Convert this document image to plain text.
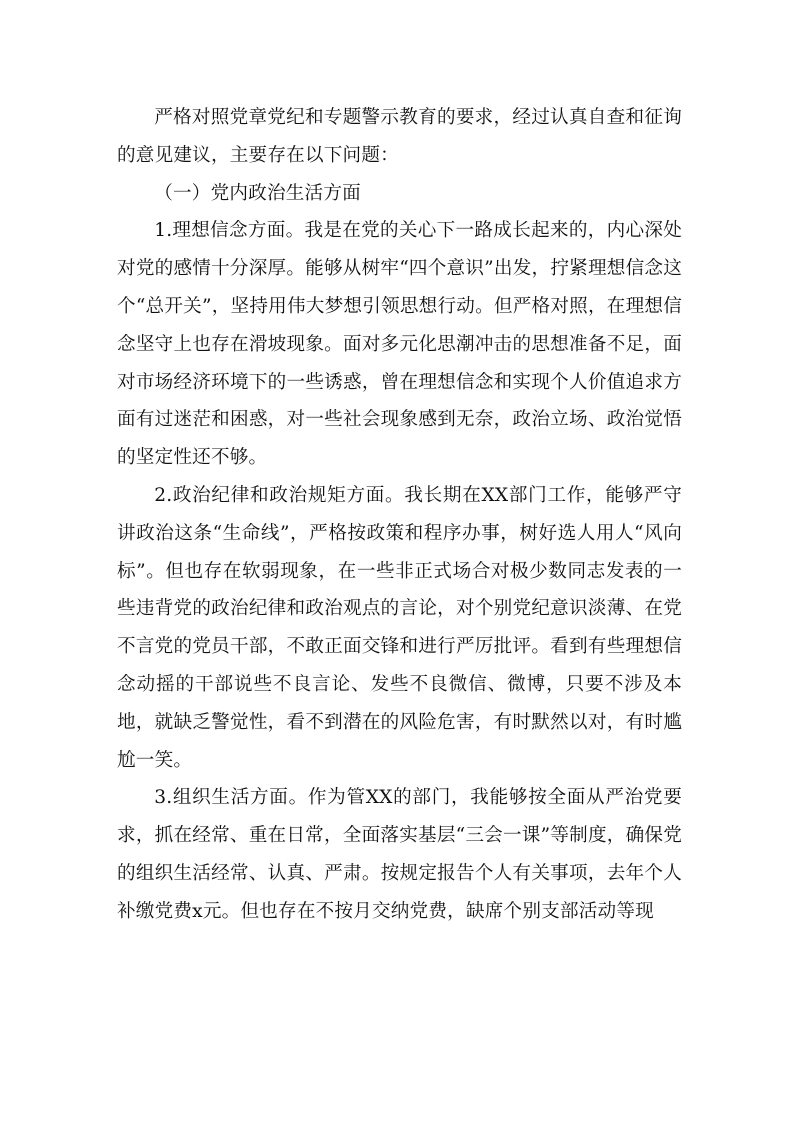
严格对照党章党纪和专题警示教育的要求，经过认真自查和征询的意见建议，主要存在以下问题：

（一）党内政治生活方面

1.理想信念方面。我是在党的关心下一路成长起来的，内心深处对党的感情十分深厚。能够从树牢“四个意识”出发，拧紧理想信念这个“总开关”，坚持用伟大梦想引领思想行动。但严格对照，在理想信念坚守上也存在滑坡现象。面对多元化思潮冲击的思想准备不足，面对市场经济环境下的一些诱惑，曾在理想信念和实现个人价值追求方面有过迷茫和困惑，对一些社会现象感到无奈，政治立场、政治觉悟的坚定性还不够。

2.政治纪律和政治规矩方面。我长期在XX部门工作，能够严守讲政治这条“生命线”，严格按政策和程序办事，树好选人用人“风向标”。但也存在软弱现象，在一些非正式场合对极少数同志发表的一些违背党的政治纪律和政治观点的言论，对个别党纪意识淡薄、在党不言党的党员干部，不敢正面交锋和进行严厉批评。看到有些理想信念动摇的干部说些不良言论、发些不良微信、微博，只要不涉及本地，就缺乏警觉性，看不到潜在的风险危害，有时默然以对，有时尴尬一笑。

3.组织生活方面。作为管XX的部门，我能够按全面从严治党要求，抓在经常、重在日常，全面落实基层“三会一课”等制度，确保党的组织生活经常、认真、严肃。按规定报告个人有关事项，去年个人补缴党费x元。但也存在不按月交纳党费，缺席个别支部活动等现
